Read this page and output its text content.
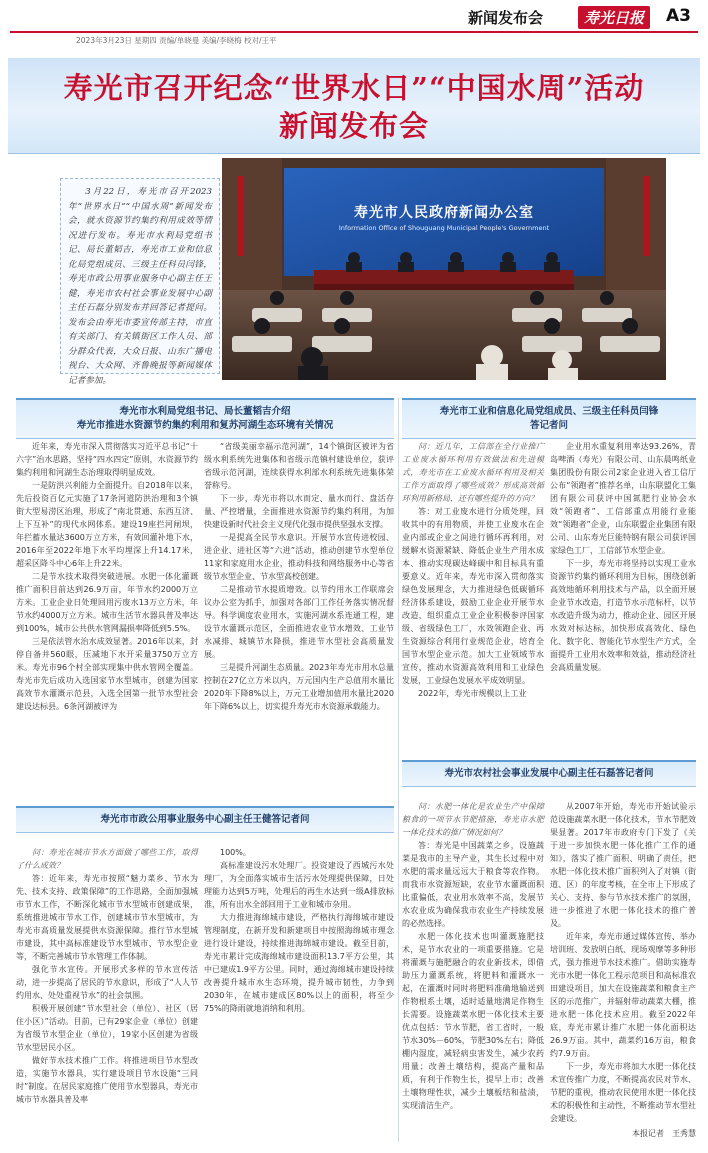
新闻发布会	寿光日报	A3
2023年3月23日 星期四 责编/单晓曼 美编/李晓梅 校对/王平
寿光市召开纪念“世界水日”“中国水周”活动
新闻发布会
3月22日，寿光市召开2023年“世界水日”“中国水周”新闻发布会，就水资源节约集约利用成效等情况进行发布。寿光市水利局党组书记、局长董韬吉，寿光市工业和信息化局党组成员、三级主任科员闫锋，寿光市政公用事业服务中心副主任王健，寿光市农村社会事业发展中心副主任石磊分别发布并回答记者提问。发布会由寿光市委宣传部主持，市直有关部门、有关镇街区工作人员、部分群众代表，大众日报、山东广播电视台、大众网、齐鲁晚报等新闻媒体记者参加。
寿光市人民政府新闻办公室
Information Office of Shouguang Municipal People's Government
寿光市水利局党组书记、局长董韬吉介绍
寿光市推进水资源节约集约利用和复苏河湖生态环境有关情况

近年来，寿光市深入贯彻落实习近平总书记“十六字”治水思路，坚持“四水四定”原则，水资源节约集约利用和河湖生态治理取得明显成效。

一是防洪兴利能力全面提升。自2018年以来，先后投资百亿元实施了17条河道防洪治理和3个镇街大型易涝区治理，形成了“南北贯通、东西互济、上下互补”的现代水网体系。建设19座拦河闸坝，年拦蓄水量达3600万立方米，有效回灌补地下水，2016年至2022年地下水平均埋深上升14.17米，超采区降斗中心6年上升22米。

二是节水技术取得突破进展。水肥一体化灌溉推广面积目前达到26.9万亩，年节水约2000万立方米。工业企业日处理回用污废水13万立方米，年节水约4000万立方米。城市生活节水器具普及率达到100%，城市公共供水管网漏损率降低到5.5%。

三是依法管水治水成效显著。2016年以来，封停自备井560眼，压减地下水开采量3750万立方米。寿光市96个村全部实现集中供水管网全覆盖。寿光市先后成功入选国家节水型城市，创建为国家高效节水灌溉示范县，入选全国第一批节水型社会建设达标县。6条河湖被评为

“省级美丽幸福示范河湖”，14个镇街区被评为省级水利系统先进集体和省级示范镇村建设单位，获评省级示范河湖，连续获得水利部水利系统先进集体荣誉称号。

下一步，寿光市将以水而定、量水而行、盘活存量、严控增量，全面推进水资源节约集约利用，为加快建设新时代社会主义现代化强市提供坚强水支撑。

一是提高全民节水意识。开展节水宣传进校园、进企业、进社区等“六进”活动，推动创建节水型单位11家和家庭用水企业，推动科技和网络服务中心等省级节水型企业、节水型高校创建。

二是推动节水提质增效。以节约用水工作联席会议办公室为抓手，加强对各部门工作任务落实情况督导。科学调度农业用水，实施河湖水系连通工程，建设节水灌溉示范区，全面推进农业节水增效、工业节水减排、城镇节水降损，推进节水型社会高质量发展。

三是提升河湖生态质量。2023年寿光市用水总量控制在27亿立方米以内，万元国内生产总值用水量比2020年下降8%以上，万元工业增加值用水量比2020年下降6%以上，切实提升寿光市水资源承载能力。

寿光市工业和信息化局党组成员、三级主任科员闫锋
答记者问

问：近几年，工信部在全行业推广工业废水循环利用有效做法和先进模式，寿光市在工业废水循环利用及相关工作方面取得了哪些成效？形成高效循环利用新格局，还有哪些提升的方向？

答：对工业废水进行分质处理，回收其中的有用物质，并使工业废水在企业内部或企业之间进行循环再利用，对缓解水资源紧缺、降低企业生产用水成本、推动实现碳达峰碳中和目标具有重要意义。近年来，寿光市深入贯彻落实绿色发展理念，大力推进绿色低碳循环经济体系建设，鼓励工业企业开展节水改造，组织重点工业企业积极参评国家级、省级绿色工厂，水效领跑企业、再生资源综合利用行业规范企业，培育全国节水型企业示范。加大工业领域节水宣传，推动水资源高效利用和工业绿色发展，工业绿色发展水平成效明显。

2022年，寿光市规模以上工业

企业用水重复利用率达93.26%，青岛啤酒（寿光）有限公司、山东晨鸣纸业集团股份有限公司2家企业进入省工信厅公布“领跑者”推荐名单，山东联盟化工集团有限公司获评中国氮肥行业协会水效“领跑者”、工信部重点用能行业能效“领跑者”企业，山东联盟企业集团有限公司、山东寿光巨能特钢有限公司获评国家绿色工厂，工信部节水型企业。

下一步，寿光市将坚持以实现工业水资源节约集约循环利用为目标，围绕创新高效地循环利用技术与产品，以全面开展企业节水改造，打造节水示范标杆，以节水改造升级为动力，推动企业、园区开展水效对标达标，加快形成高效化、绿色化、数字化、智能化节水型生产方式，全面提升工业用水效率和效益，推动经济社会高质量发展。

寿光市农村社会事业发展中心副主任石磊答记者问

问：水肥一体化是农业生产中保障粮食的一项节水节肥措施，寿光市水肥一体化技术的推广情况如何？

答：寿光是中国蔬菜之乡，设施蔬菜是我市的主导产业，其生长过程中对水肥的需求量远远大于粮食等农作物。而我市水资源短缺，农业节水灌溉面积比重偏低，农业用水效率不高，发展节水农业成为确保我市农业生产持续发展的必然选择。

水肥一体化技术也叫灌溉施肥技术，是节水农业的一项重要措施。它是将灌溉与施肥融合的农业新技术，即借助压力灌溉系统，将肥料和灌溉水一起，在灌溉时同时将肥料准确地输送到作物根系土壤，适时适量地满足作物生长需要。设施蔬菜水肥一体化技术主要优点包括：节水节肥，省工省时，一般节水30%－60%，节肥30%左右；降低棚内湿度，减轻病虫害发生，减少农药用量；改善土壤结构，提高产量和品质，有利于作物生长，提早上市；改善土壤物理性状，减少土壤板结和盐渍，实现清洁生产。

从2007年开始，寿光市开始试验示范设施蔬菜水肥一体化技术，节水节肥效果显著。2017年市政府专门下发了《关于进一步加快水肥一体化推广工作的通知》，落实了推广面积、明确了责任，把水肥一体化技术推广面积列入了对镇（街道、区）的年度考核，在全市上下形成了关心、支持、参与节水技术推广的氛围，进一步推进了水肥一体化技术的推广普及。

近年来，寿光市通过媒体宣传、举办培训班、发放明白纸、现场观摩等多种形式，强力推进节水技术推广。借助实施寿光市水肥一体化工程示范项目和高标准农田建设项目，加大在设施蔬菜和粮食主产区的示范推广，并辐射带动蔬菜大棚，推进水肥一体化技术应用。截至2022年底，寿光市累计推广水肥一体化面积达26.9万亩。其中，蔬菜约16万亩，粮食约7.9万亩。

下一步，寿光市将加大水肥一体化技术宣传推广力度，不断提高农民对节水、节肥的重视，推动农民使用水肥一体化技术的积极性和主动性，不断推动节水型社会建设。

本报记者　王秀慧
寿光市市政公用事业服务中心副主任王健答记者问

问：寿光在城市节水方面做了哪些工作，取得了什么成效？

答：近年来，寿光市按照“魅力菜乡、节水为先、技术支持、政策保障”的工作思路，全面加强城市节水工作，不断深化城市节水型城市创建成果，系统推进城市节水工作，创建城市节水型城市，为寿光市高质量发展提供水资源保障。推行节水型城市建设，其中高标准建设节水型城市、节水型企业等，不断完善城市节水管理工作体制。

强化节水宣传。开展形式多样的节水宣传活动，进一步提高了居民的节水意识，形成了“人人节约用水、处处重视节水”的社会氛围。

积极开展创建“节水型社会（单位）、社区（居住小区）”活动。目前，已有29家企业（单位）创建为省级节水型企业（单位），19家小区创建为省级节水型居民小区。

做好节水技术推广工作。将推进项目节水型改造，实施节水器具，实行建设项目节水设施“三同时”制度。在居民家庭推广使用节水型器具，寿光市城市节水器具普及率

100%。

高标准建设污水处理厂。投资建设了西城污水处理厂，为全面落实城市生活污水处理提供保障，日处理能力达到5万吨，处理后的再生水达到一级A排放标准，所有出水全部回用于工业和城市杂用。

大力推进海绵城市建设，严格执行海绵城市建设管理制度，在新开发和新建项目中按照海绵城市理念进行设计建设，持续推进海绵城市建设。截至目前，寿光市累计完成海绵城市建设面积13.7平方公里，其中已建成1.9平方公里。同时，通过海绵城市建设持续改善提升城市水生态环境，提升城市韧性，力争到2030年，在城市建成区80%以上的面积，将至少75%的降雨就地消纳和利用。
